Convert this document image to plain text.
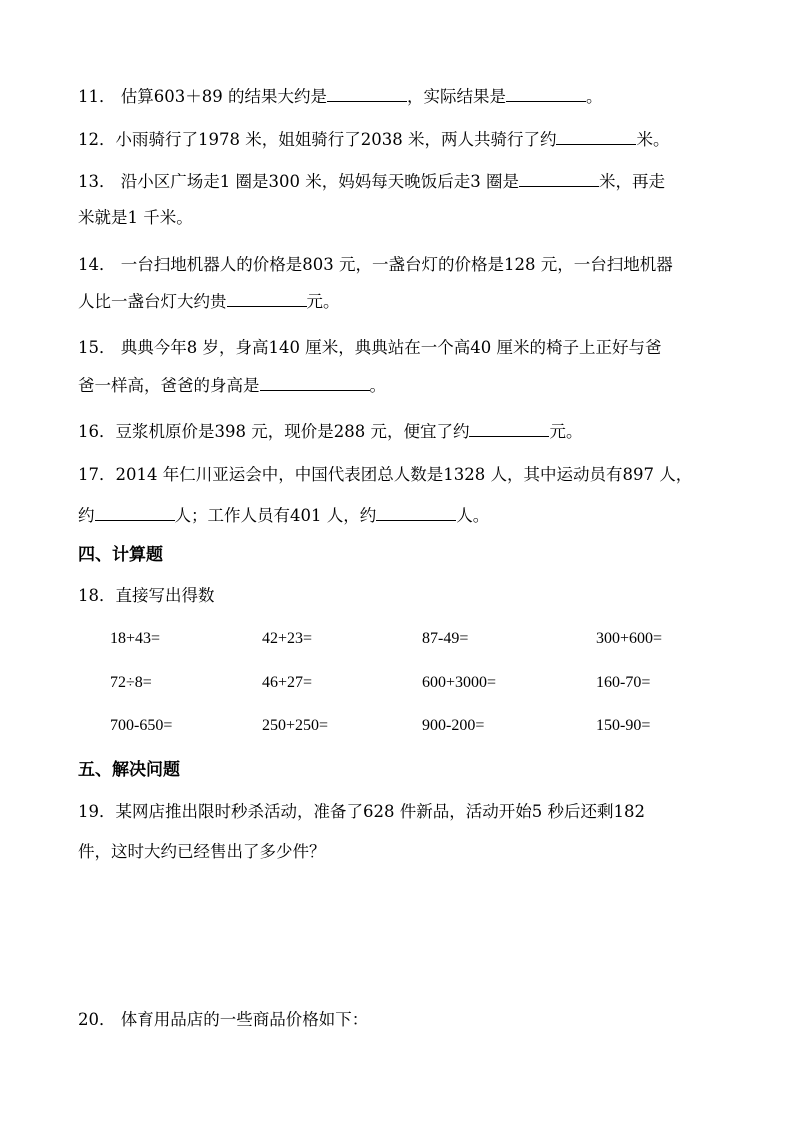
11． 估算603＋89 的结果大约是	，实际结果是	。
12．小雨骑行了1978 米，姐姐骑行了2038 米，两人共骑行了约	米。
13． 沿小区广场走1 圈是300 米，妈妈每天晚饭后走3 圈是	米，再走
米就是1 千米。
14． 一台扫地机器人的价格是803 元，一盏台灯的价格是128 元，一台扫地机器
人比一盏台灯大约贵	元。
15． 典典今年8 岁，身高140 厘米，典典站在一个高40 厘米的椅子上正好与爸
爸一样高，爸爸的身高是	。
16．豆浆机原价是398 元，现价是288 元，便宜了约	元。
17．2014 年仁川亚运会中，中国代表团总人数是1328 人，其中运动员有897 人，
约	人；工作人员有401 人，约	人。
四、计算题
18．直接写出得数
18+43=	42+23=	87-49=	300+600=
72÷8=	46+27=	600+3000=	160-70=
700-650=	250+250=	900-200=	150-90=
五、解决问题
19．某网店推出限时秒杀活动，准备了628 件新品，活动开始5 秒后还剩182
件，这时大约已经售出了多少件？
20． 体育用品店的一些商品价格如下：
